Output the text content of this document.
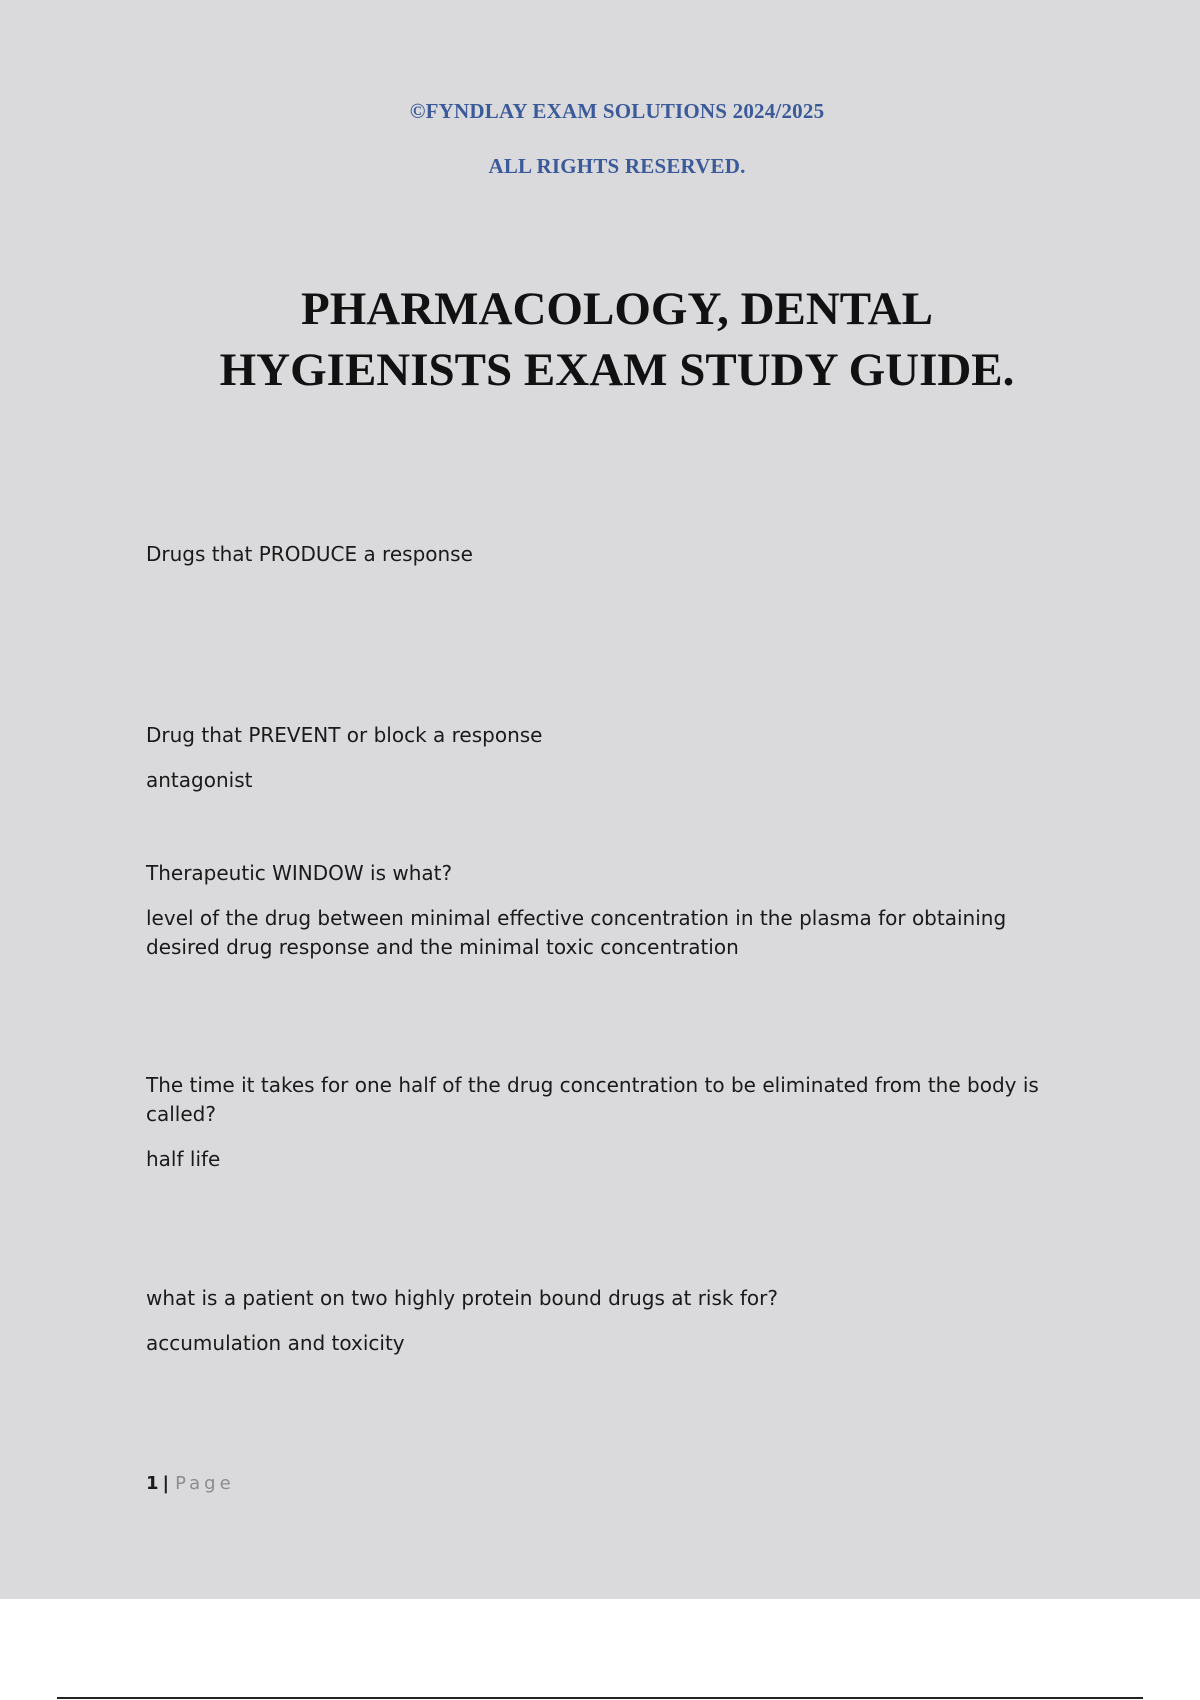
©FYNDLAY EXAM SOLUTIONS 2024/2025
ALL RIGHTS RESERVED.
PHARMACOLOGY, DENTAL
HYGIENISTS EXAM STUDY GUIDE.

Drugs that PRODUCE a response

Drug that PREVENT or block a response

antagonist

Therapeutic WINDOW is what?

level of the drug between minimal effective concentration in the plasma for obtaining desired drug response and the minimal toxic concentration

The time it takes for one half of the drug concentration to be eliminated from the body is called?

half life

what is a patient on two highly protein bound drugs at risk for?

accumulation and toxicity

1 | Page
